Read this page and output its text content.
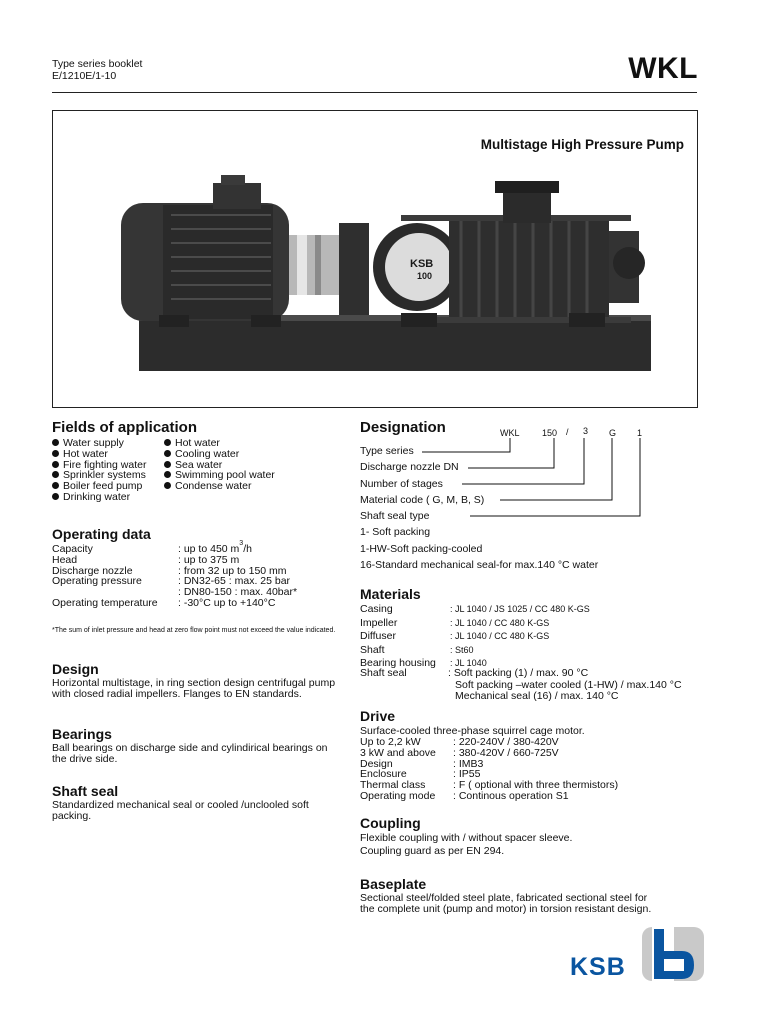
Type series booklet
E/1210E/1-10	WKL
Multistage High Pressure Pump
KSB
100
Fields of application
Water supply
Hot water
Fire fighting water
Sprinkler systems
Boiler feed pump
Drinking water
Hot water
Cooling water
Sea water
Swimming pool water
Condense water
Operating data
Capacity	: up to 450 m 3 /h
Head	: up to 375 m
Discharge nozzle	: from 32 up to 150 mm
Operating pressure	: DN32-65 : max. 25 bar
: DN80-150 : max. 40bar*
Operating temperature	: -30°C up to +140°C
*The sum of inlet pressure and head at zero flow point must not exceed the value indicated.
Design
Horizontal multistage, in ring section design centrifugal pump with closed radial impellers. Flanges to EN standards.
Bearings
Ball bearings on discharge side and cylindirical bearings on the drive side.
Shaft seal
Standardized mechanical seal or cooled /unclooled soft packing.
Designation	WKL 150 / 3 G 1
Type series
Discharge nozzle DN
Number of stages
Material code ( G, M, B, S)
Shaft seal type
1- Soft packing
1-HW-Soft packing-cooled
16-Standard mechanical seal-for max.140 °C water
Materials
Casing	: JL 1040 / JS 1025 / CC 480 K-GS
Impeller	: JL 1040 / CC 480 K-GS
Diffuser	: JL 1040 / CC 480 K-GS
Shaft	: St60
Bearing housing	: JL 1040
Shaft seal	: Soft packing (1) / max. 90 °C
Soft packing –water cooled (1-HW) / max.140 °C
Mechanical seal (16) / max. 140 °C
Drive
Surface-cooled three-phase squirrel cage motor.
Up to 2,2 kW	: 220-240V / 380-420V
3 kW and above	: 380-420V / 660-725V
Design	: IMB3
Enclosure	: IP55
Thermal class	: F ( optional with three thermistors)
Operating mode	: Continous operation S1
Coupling
Flexible coupling with / without spacer sleeve.
Coupling guard as per EN 294.
Baseplate
Sectional steel/folded steel plate, fabricated sectional steel for the complete unit (pump and motor) in torsion resistant design.
KSB
